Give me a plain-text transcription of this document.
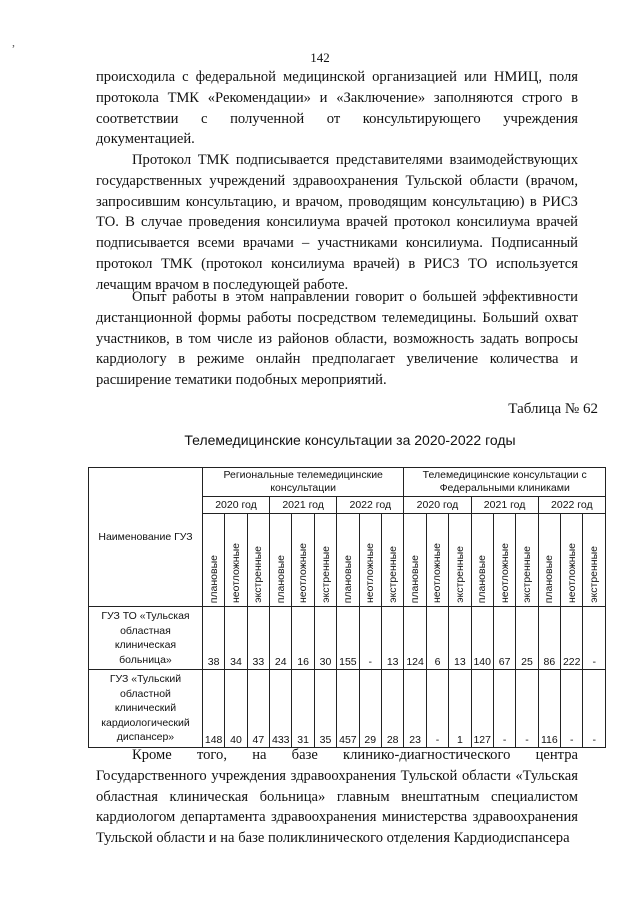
,
142

происходила с федеральной медицинской организацией или НМИЦ, поля протокола ТМК «Рекомендации» и «Заключение» заполняются строго в соответствии с полученной от консультирующего учреждения документацией.

Протокол ТМК подписывается представителями взаимодействующих государственных учреждений здравоохранения Тульской области (врачом, запросившим консультацию, и врачом, проводящим консультацию) в РИСЗ ТО. В случае проведения консилиума врачей протокол консилиума врачей подписывается всеми врачами – участниками консилиума. Подписанный протокол ТМК (протокол консилиума врачей) в РИСЗ ТО используется лечащим врачом в последующей работе.

Опыт работы в этом направлении говорит о большей эффективности дистанционной формы работы посредством телемедицины. Больший охват участников, в том числе из районов области, возможность задать вопросы кардиологу в режиме онлайн предполагает увеличение количества и расширение тематики подобных мероприятий.

Таблица № 62
Телемедицинские консультации за 2020-2022 годы
Наименование ГУЗ	Региональные телемедицинские консультации									Телемедицинские консультации с Федеральными клиниками								
	2020 год			2021 год			2022 год			2020 год			2021 год			2022 год		
	плановые	неотложные	экстренные	плановые	неотложные	экстренные	плановые	неотложные	экстренные	плановые	неотложные	экстренные	плановые	неотложные	экстренные	плановые	неотложные	экстренные
ГУЗ ТО «Тульская областная клиническая больница»	38	34	33	24	16	30	155	-	13	124	6	13	140	67	25	86	222	-
ГУЗ «Тульский областной клинический кардиологический диспансер»	148	40	47	433	31	35	457	29	28	23	-	1	127	-	-	116	-	-

Кроме того, на базе клинико-диагностического центра Государственного учреждения здравоохранения Тульской области «Тульская областная клиническая больница» главным внештатным специалистом кардиологом департамента здравоохранения министерства здравоохранения Тульской области и на базе поликлинического отделения Кардиодиспансера
